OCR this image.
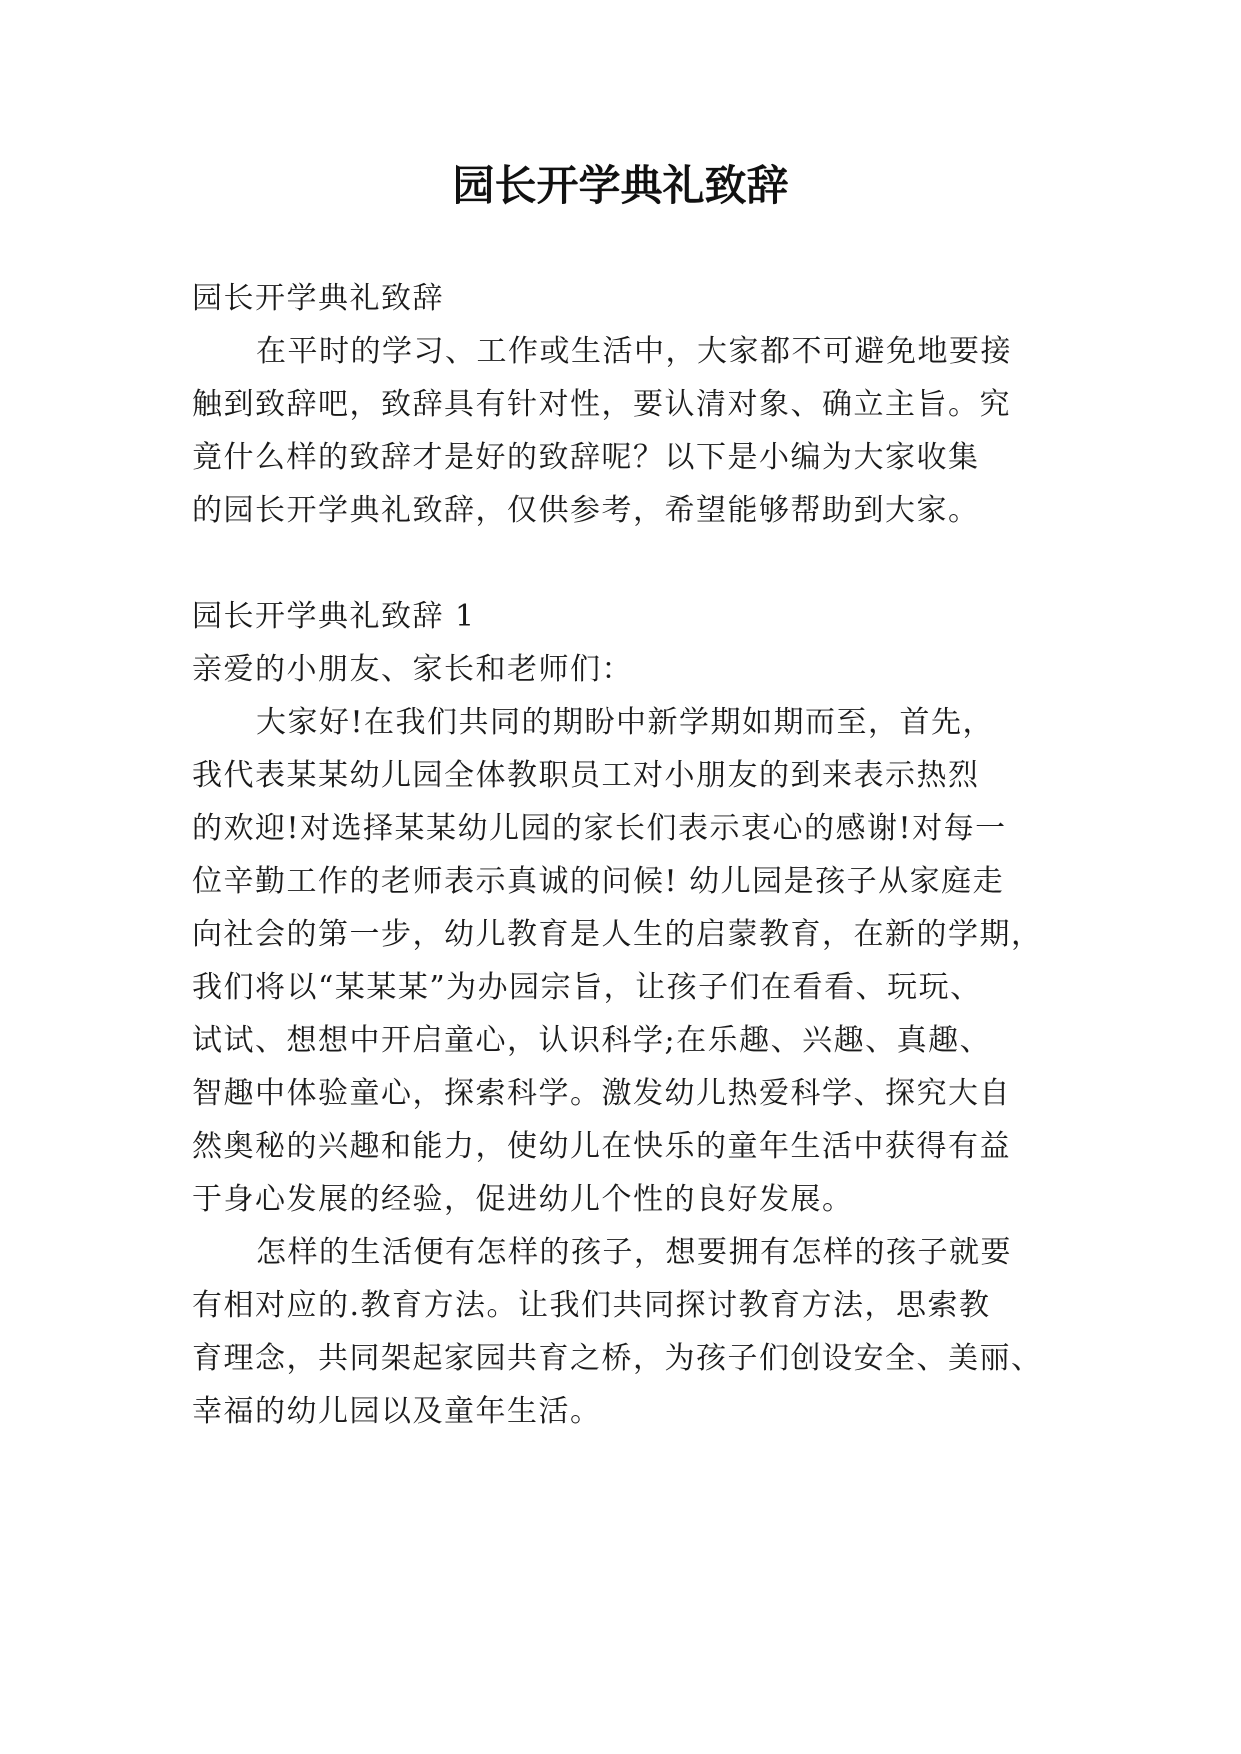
园长开学典礼致辞
园长开学典礼致辞
在平时的学习、工作或生活中，大家都不可避免地要接
触到致辞吧，致辞具有针对性，要认清对象、确立主旨。究
竟什么样的致辞才是好的致辞呢？以下是小编为大家收集
的园长开学典礼致辞，仅供参考，希望能够帮助到大家。
园长开学典礼致辞 1
亲爱的小朋友、家长和老师们：
大家好!在我们共同的期盼中新学期如期而至，首先，
我代表某某幼儿园全体教职员工对小朋友的到来表示热烈
的欢迎!对选择某某幼儿园的家长们表示衷心的感谢!对每一
位辛勤工作的老师表示真诚的问候! 幼儿园是孩子从家庭走
向社会的第一步，幼儿教育是人生的启蒙教育，在新的学期，
我们将以“某某某”为办园宗旨，让孩子们在看看、玩玩、
试试、想想中开启童心，认识科学;在乐趣、兴趣、真趣、
智趣中体验童心，探索科学。激发幼儿热爱科学、探究大自
然奥秘的兴趣和能力，使幼儿在快乐的童年生活中获得有益
于身心发展的经验，促进幼儿个性的良好发展。
怎样的生活便有怎样的孩子，想要拥有怎样的孩子就要
有相对应的.教育方法。让我们共同探讨教育方法，思索教
育理念，共同架起家园共育之桥，为孩子们创设安全、美丽、
幸福的幼儿园以及童年生活。
